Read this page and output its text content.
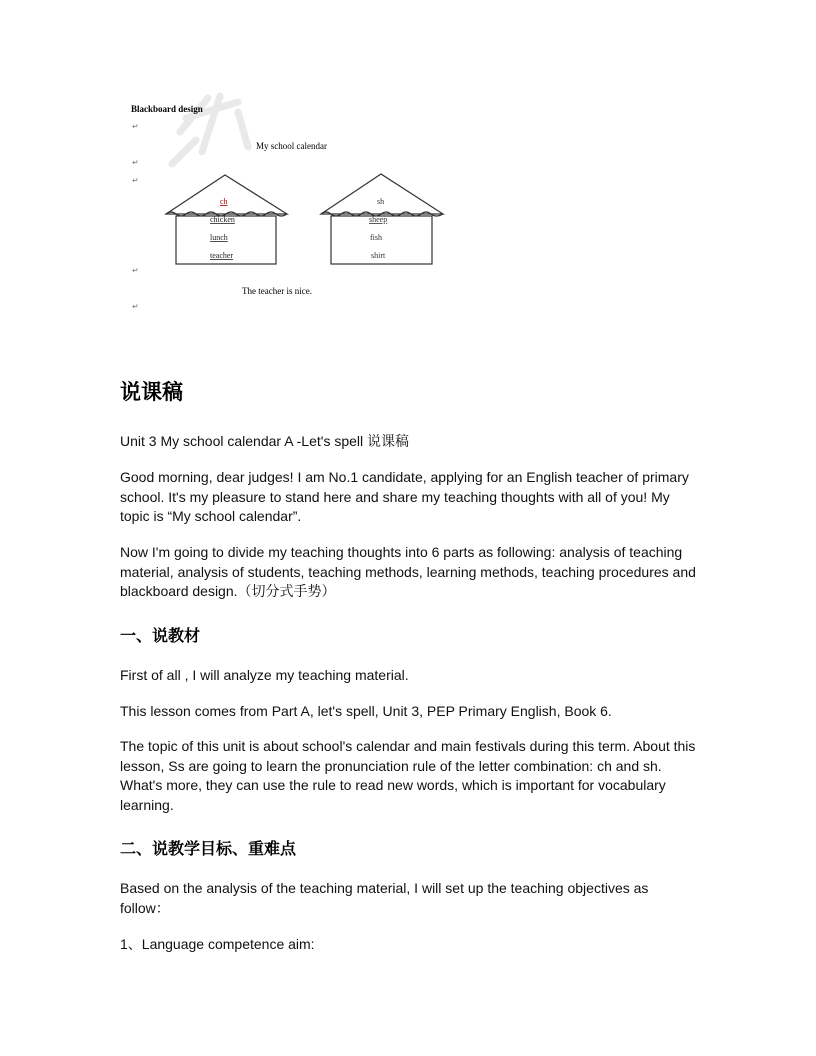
ch
chicken
lunch
teacher
sh
sheep
fish
shirt
Blackboard design
My school calendar
The teacher is nice.
↵
↵
↵
↵
↵
说课稿

Unit 3 My school calendar A -Let's spell 说课稿

Good morning, dear judges! I am No.1 candidate, applying for an English teacher of primary school. It's my pleasure to stand here and share my teaching thoughts with all of you! My topic is “My school calendar”.

Now I'm going to divide my teaching thoughts into 6 parts as following: analysis of teaching material, analysis of students, teaching methods, learning methods, teaching procedures and blackboard design.（切分式手势）

一、说教材

First of all , I will analyze my teaching material.

This lesson comes from Part A, let's spell, Unit 3, PEP Primary English, Book 6.

The topic of this unit is about school's calendar and main festivals during this term. About this lesson, Ss are going to learn the pronunciation rule of the letter combination: ch and sh. What's more, they can use the rule to read new words, which is important for vocabulary learning.

二、说教学目标、重难点

Based on the analysis of the teaching material, I will set up the teaching objectives as follow：

1、Language competence aim:
